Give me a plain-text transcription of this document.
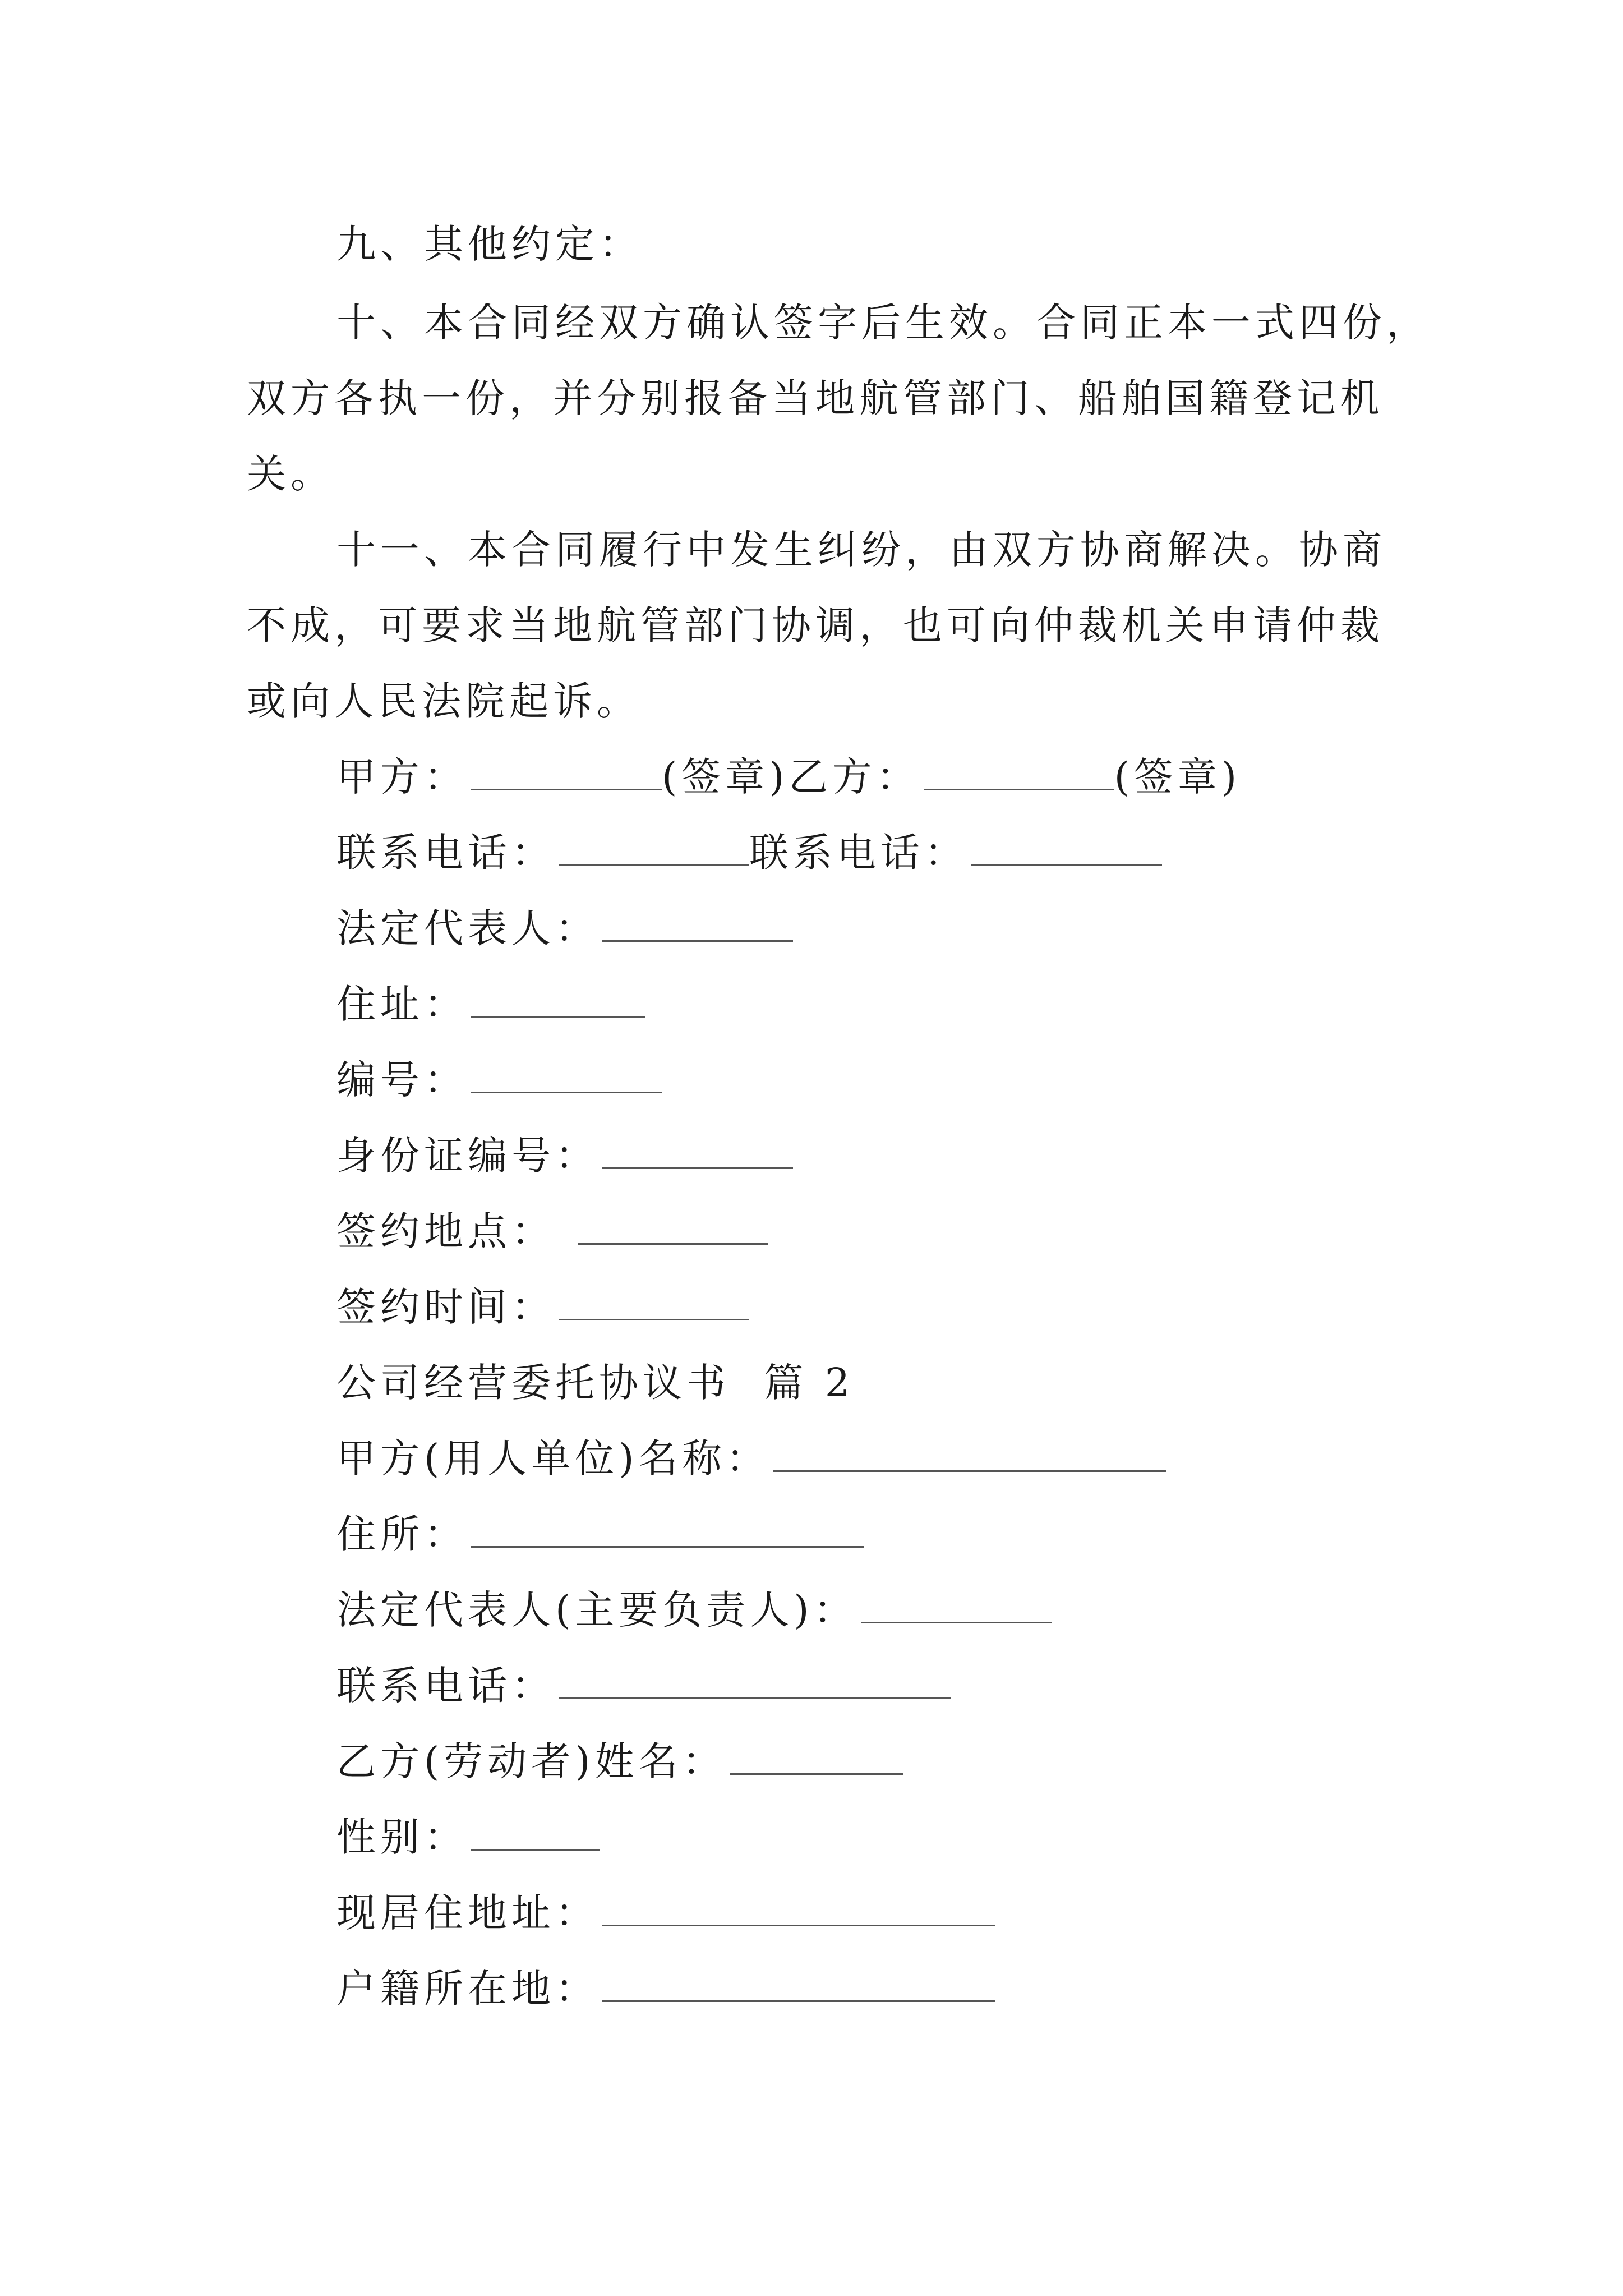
九、其他约定：
十、本合同经双方确认签字后生效。合同正本一式四份，
双方各执一份，并分别报备当地航管部门、船舶国籍登记机
关。
十一、本合同履行中发生纠纷，由双方协商解决。协商
不成，可要求当地航管部门协调，也可向仲裁机关申请仲裁
或向人民法院起诉。
甲方：	(签章)乙方：	(签章)
联系电话：	联系电话：
法定代表人：
住址：
编号：
身份证编号：
签约地点：
签约时间：
公司经营委托协议书  篇 2
甲方(用人单位)名称：
住所：
法定代表人(主要负责人)：
联系电话：
乙方(劳动者)姓名：
性别：
现居住地址：
户籍所在地：
